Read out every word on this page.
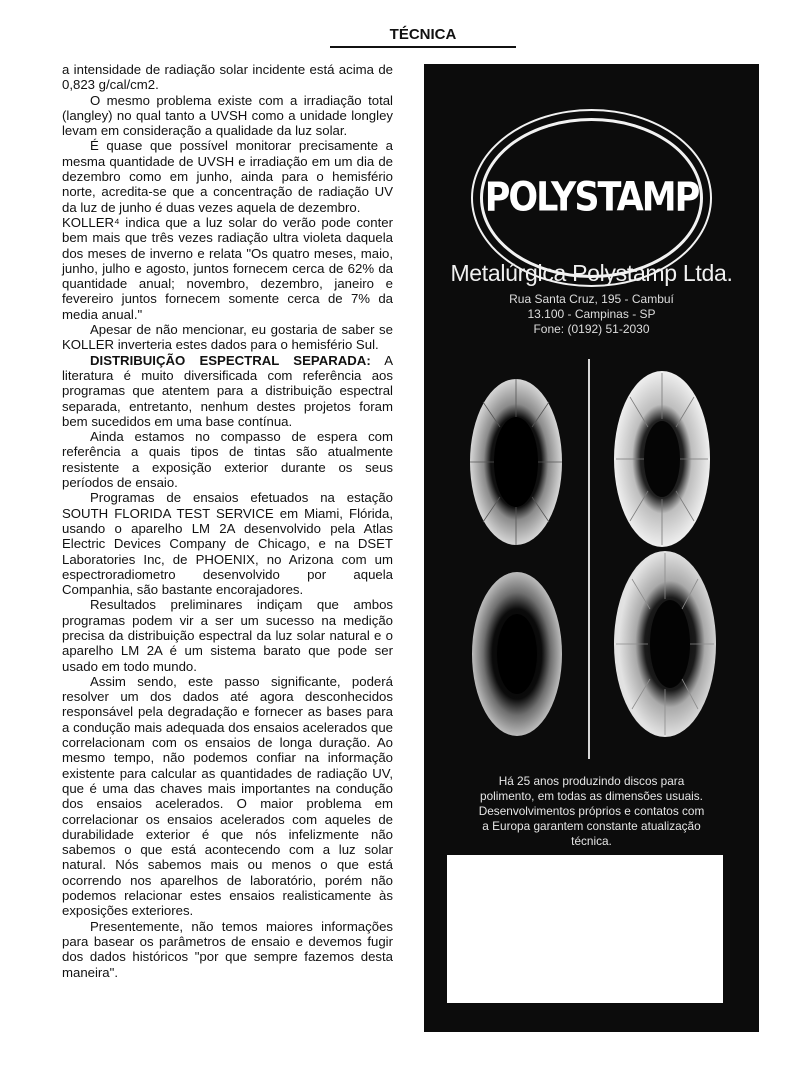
TÉCNICA

a intensidade de radiação solar incidente está acima de 0,823 g/cal/cm2.

O mesmo problema existe com a irradiação total (langley) no qual tanto a UVSH como a unidade longley levam em consideração a qualidade da luz solar.

É quase que possível monitorar precisamente a mesma quantidade de UVSH e irradiação em um dia de dezembro como em junho, ainda para o hemisfério norte, acredita-se que a concentração de radiação UV da luz de junho é duas vezes aquela de dezembro.

KOLLER⁴ indica que a luz solar do verão pode conter bem mais que três vezes radiação ultra violeta daquela dos meses de inverno e relata "Os quatro meses, maio, junho, julho e agosto, juntos fornecem cerca de 62% da quantidade anual; novembro, dezembro, janeiro e fevereiro juntos fornecem somente cerca de 7% da media anual."

Apesar de não mencionar, eu gostaria de saber se KOLLER inverteria estes dados para o hemisfério Sul.

DISTRIBUIÇÃO ESPECTRAL SEPARADA: A literatura é muito diversificada com referência aos programas que atentem para a distribuição espectral separada, entretanto, nenhum destes projetos foram bem sucedidos em uma base contínua.

Ainda estamos no compasso de espera com referência a quais tipos de tintas são atualmente resistente a exposição exterior durante os seus períodos de ensaio.

Programas de ensaios efetuados na estação SOUTH FLORIDA TEST SERVICE em Miami, Flórida, usando o aparelho LM 2A desenvolvido pela Atlas Electric Devices Company de Chicago, e na DSET Laboratories Inc, de PHOENIX, no Arizona com um espectroradiometro desenvolvido por aquela Companhia, são bastante encorajadores.

Resultados preliminares indiçam que ambos programas podem vir a ser um sucesso na medição precisa da distribuição espectral da luz solar natural e o aparelho LM 2A é um sistema barato que pode ser usado em todo mundo.

Assim sendo, este passo significante, poderá resolver um dos dados até agora desconhecidos responsável pela degradação e fornecer as bases para a condução mais adequada dos ensaios acelerados que correlacionam com os ensaios de longa duração. Ao mesmo tempo, não podemos confiar na informação existente para calcular as quantidades de radiação UV, que é uma das chaves mais importantes na condução dos ensaios acelerados. O maior problema em correlacionar os ensaios acelerados com aqueles de durabilidade exterior é que nós infelizmente não sabemos o que está acontecendo com a luz solar natural. Nós sabemos mais ou menos o que está ocorrendo nos aparelhos de laboratório, porém não podemos relacionar estes ensaios realisticamente às exposições exteriores.

Presentemente, não temos maiores informações para basear os parâmetros de ensaio e devemos fugir dos dados históricos "por que sempre fazemos desta maneira".

POLYSTAMP
Metalúrgica Polystamp Ltda.
Rua Santa Cruz, 195 - Cambuí
13.100 - Campinas - SP
Fone: (0192) 51-2030
Há 25 anos produzindo discos para
polimento, em todas as dimensões usuais.
Desenvolvimentos próprios e contatos com
a Europa garantem constante atualização
técnica.
